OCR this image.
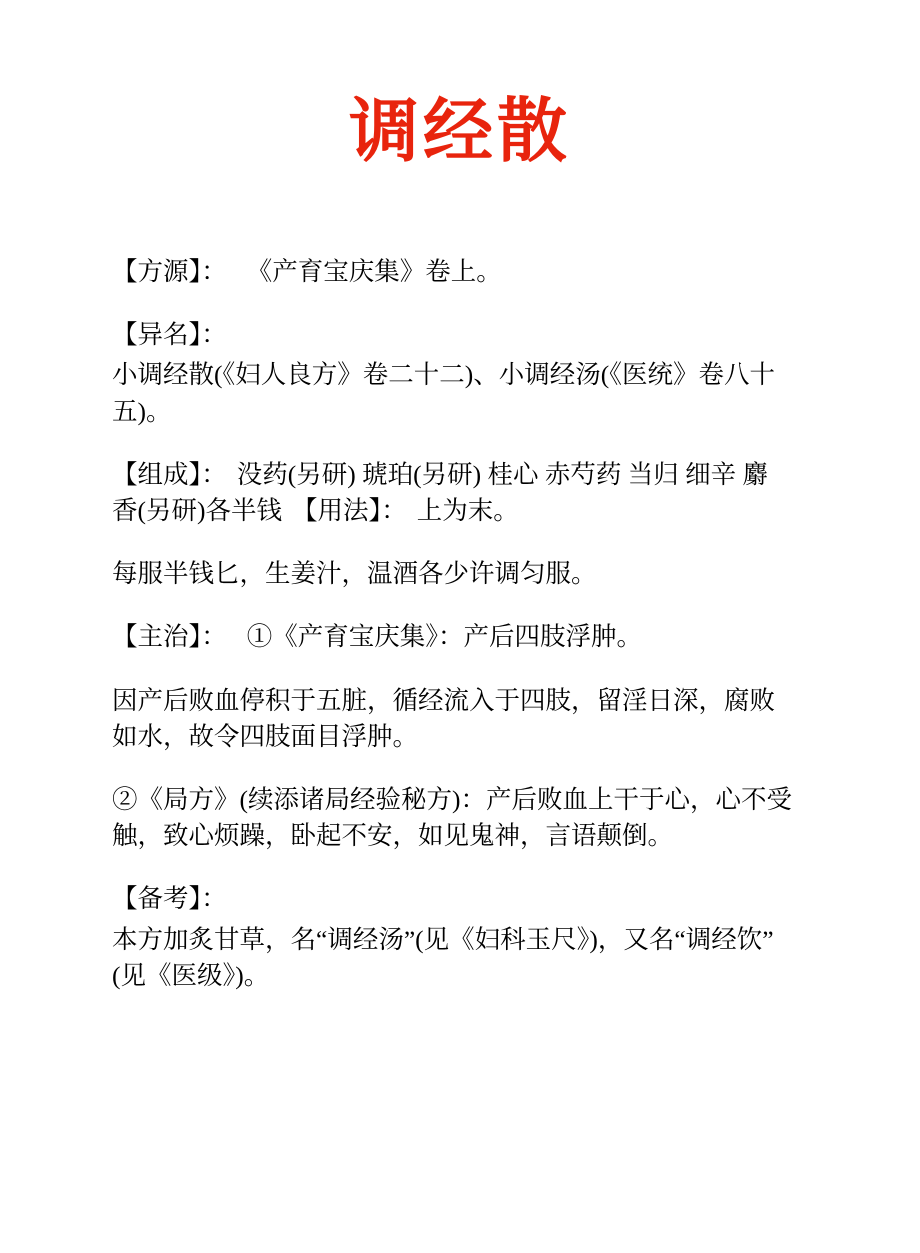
调经散

【方源】： 《产育宝庆集》卷上。

【异名】：

小调经散(《妇人良方》卷二十二)、小调经汤(《医统》卷八十五)。

【组成】： 没药(另研) 琥珀(另研) 桂心 赤芍药 当归 细辛 麝香(另研)各半钱 【用法】： 上为末。

每服半钱匕，生姜汁，温酒各少许调匀服。

【主治】： ①《产育宝庆集》：产后四肢浮肿。

因产后败血停积于五脏，循经流入于四肢，留淫日深，腐败如水，故令四肢面目浮肿。

②《局方》(续添诸局经验秘方)：产后败血上干于心，心不受触，致心烦躁，卧起不安，如见鬼神，言语颠倒。

【备考】：

本方加炙甘草，名“调经汤”(见《妇科玉尺》)，又名“调经饮”(见《医级》)。
